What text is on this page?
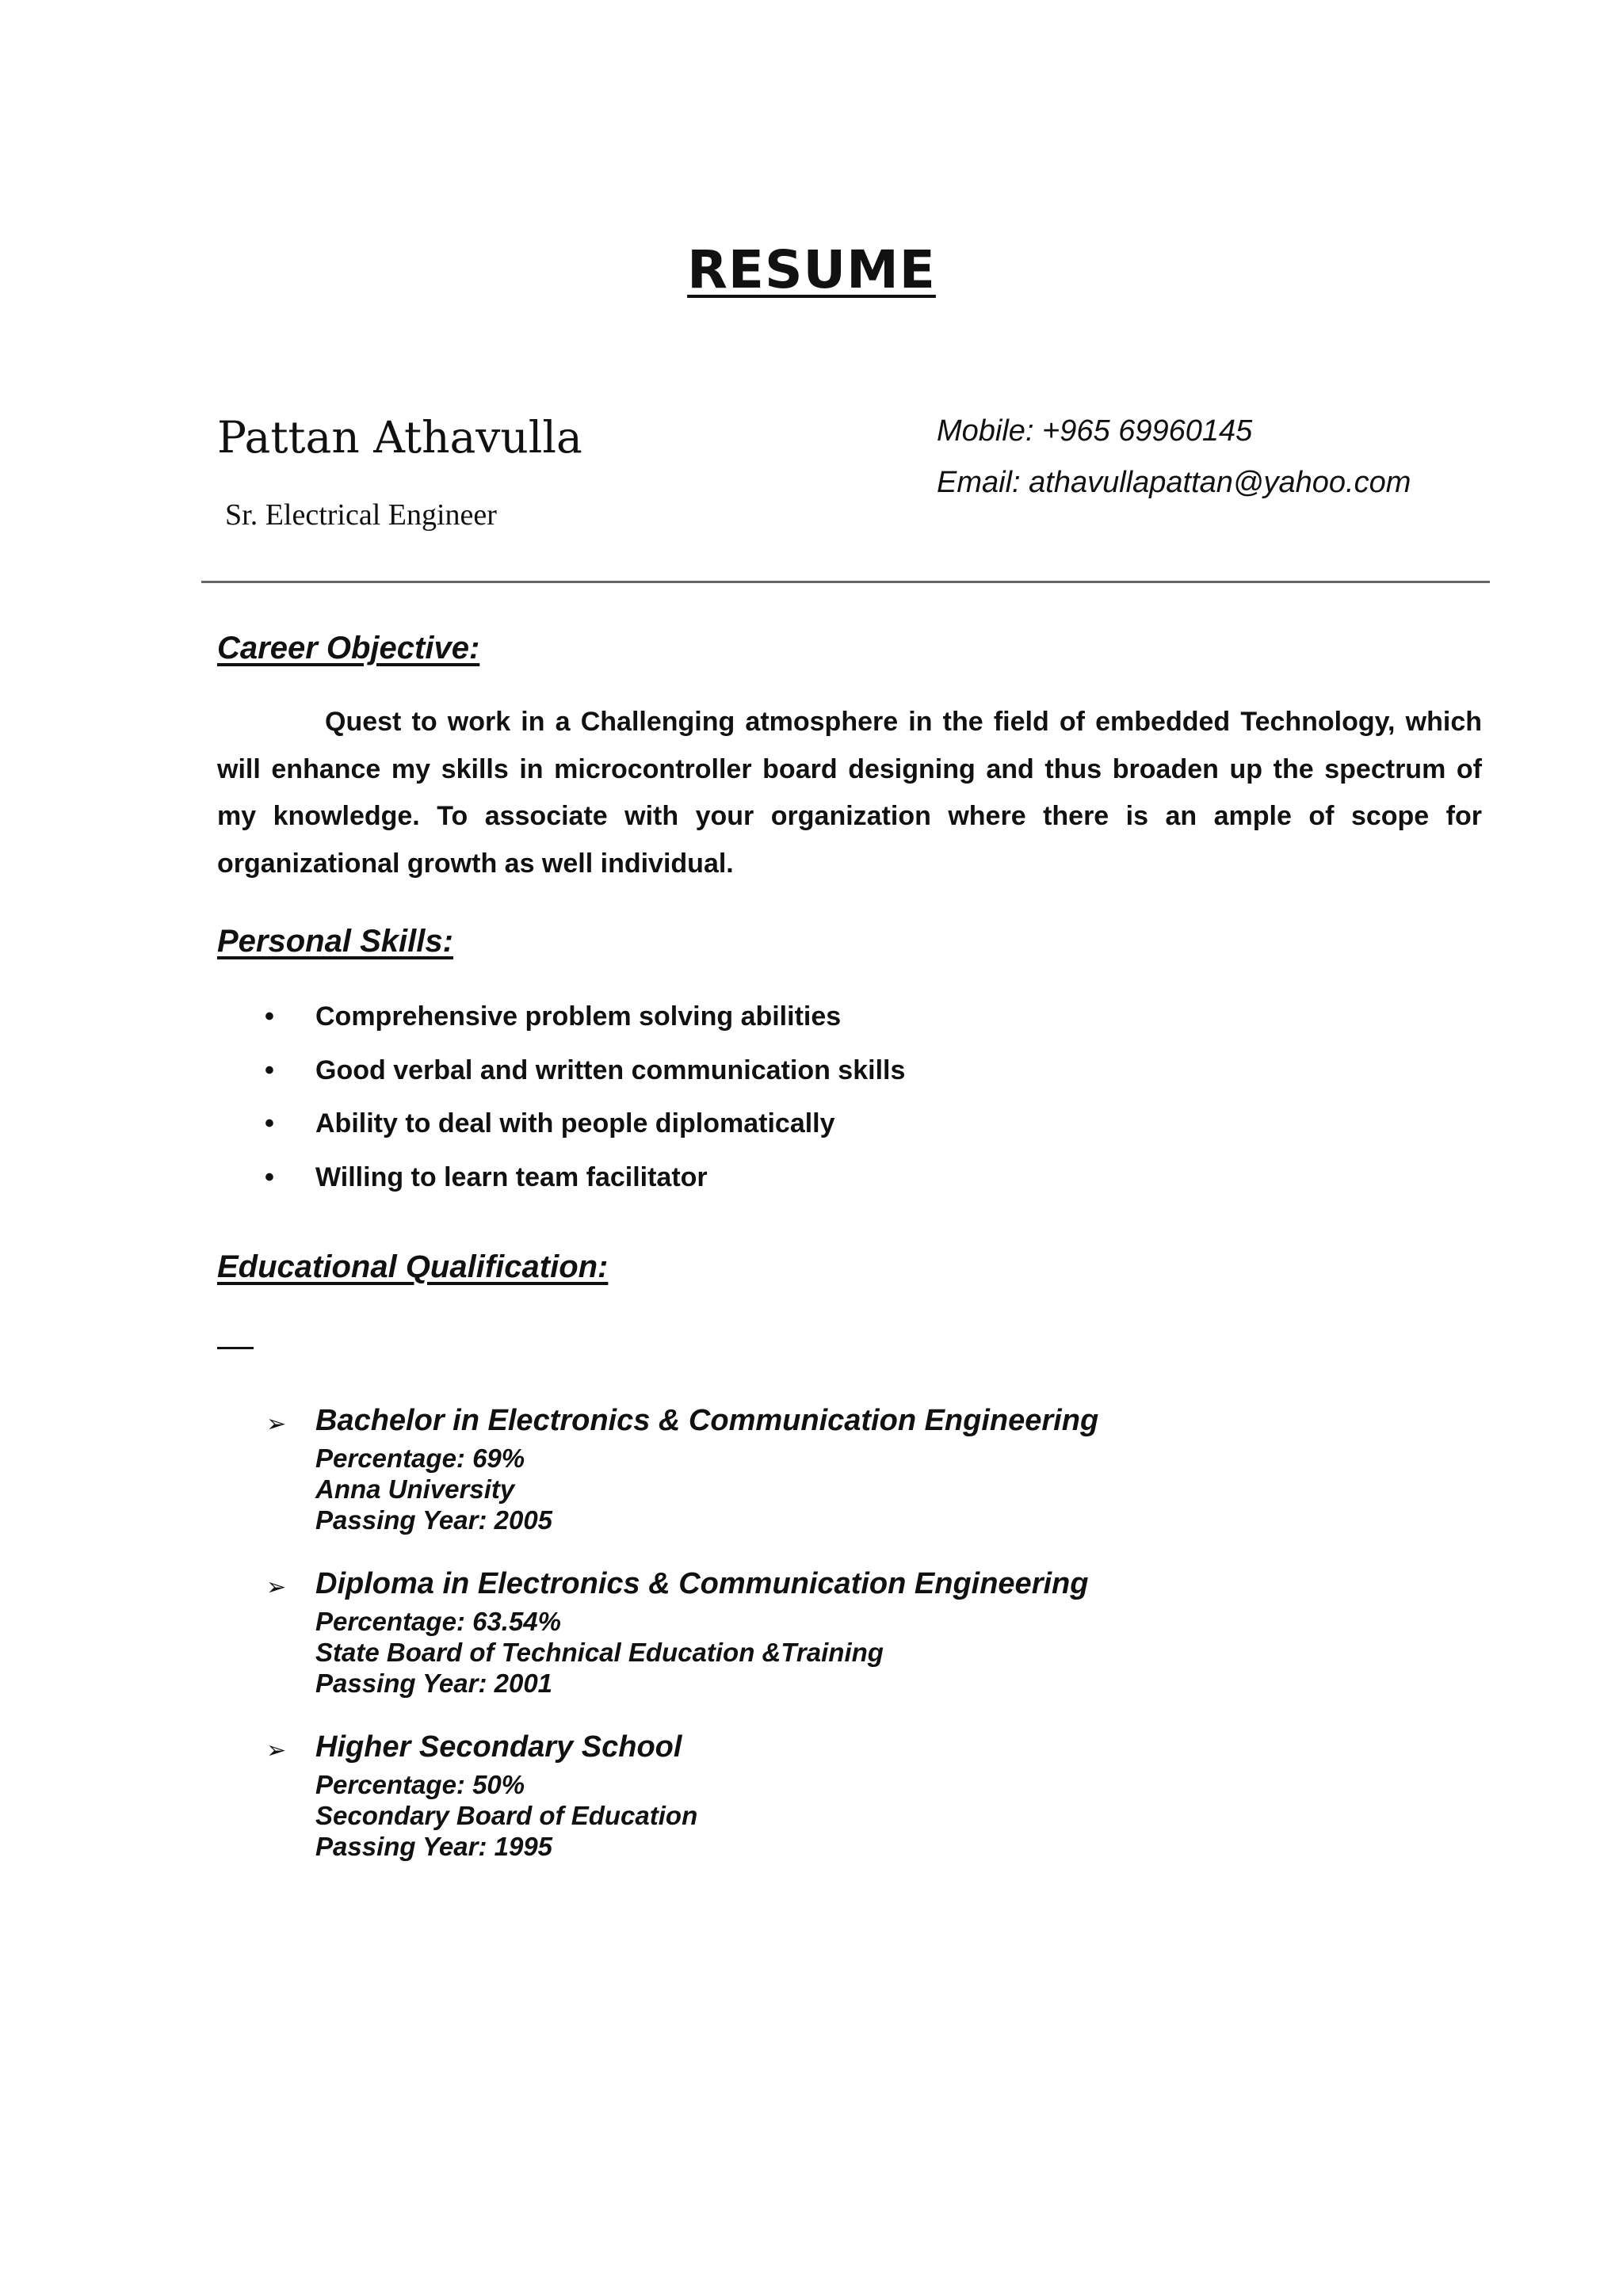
RESUME
Pattan Athavulla
Sr. Electrical Engineer
Mobile: +965 69960145
Email: athavullapattan@yahoo.com
Career Objective:

Quest to work in a Challenging atmosphere in the field of embedded Technology, which will enhance my skills in microcontroller board designing and thus broaden up the spectrum of my knowledge. To associate with your organization where there is an ample of scope for organizational growth as well individual.

Personal Skills:
• Comprehensive problem solving abilities
• Good verbal and written communication skills
• Ability to deal with people diplomatically
• Willing to learn team facilitator
Educational Qualification:
➢ Bachelor in Electronics & Communication Engineering
Percentage: 69%
Anna University
Passing Year: 2005
➢ Diploma in Electronics & Communication Engineering
Percentage: 63.54%
State Board of Technical Education &Training
Passing Year: 2001
➢ Higher Secondary School
Percentage: 50%
Secondary Board of Education
Passing Year: 1995
